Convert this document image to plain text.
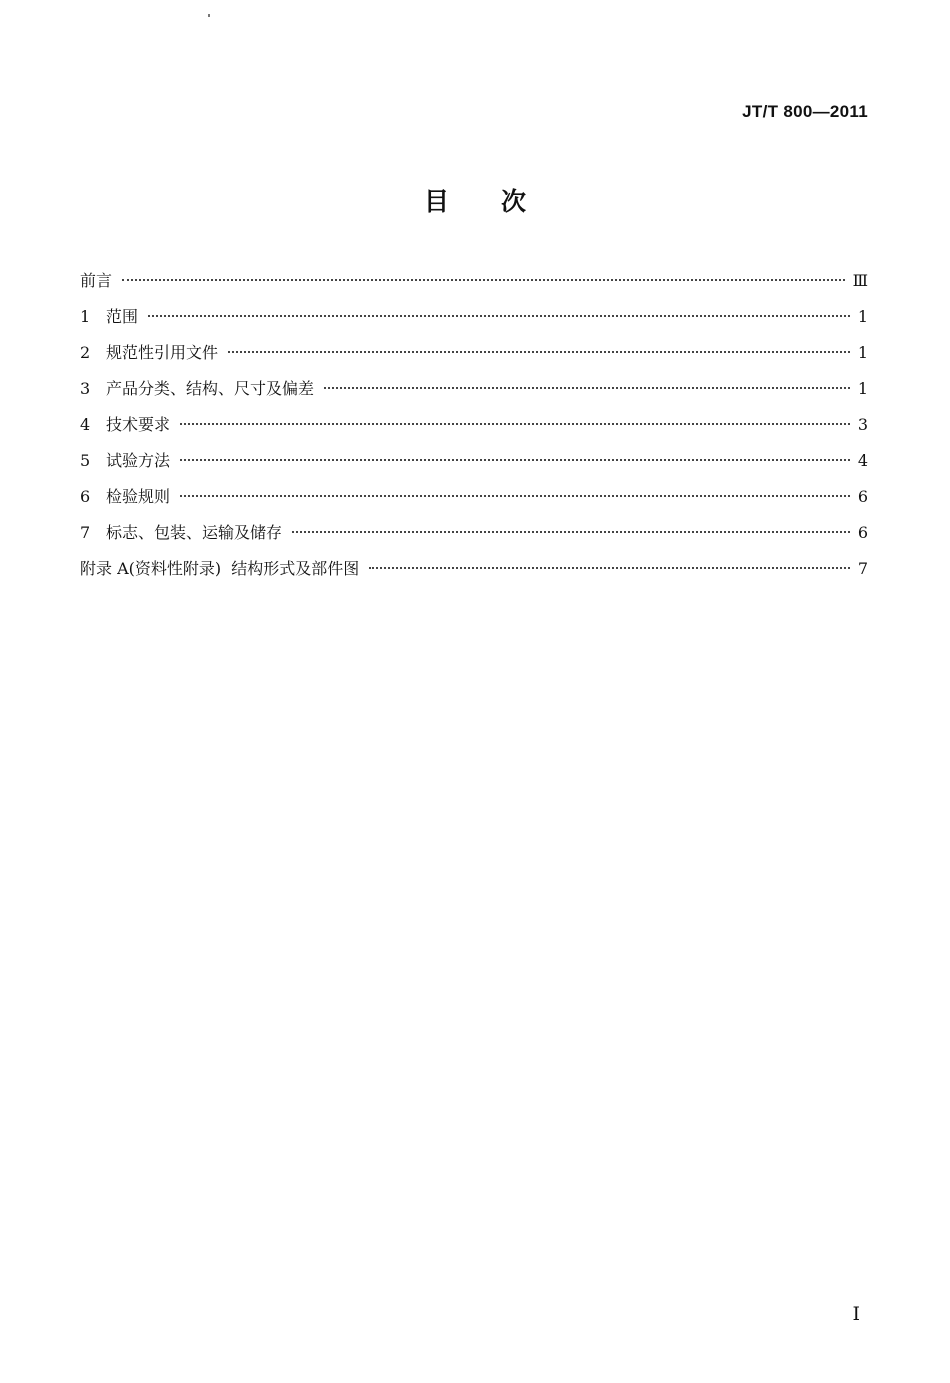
JT/T 800—2011
目次
前言	Ⅲ
1 范围	1
2 规范性引用文件	1
3 产品分类、结构、尺寸及偏差	1
4 技术要求	3
5 试验方法	4
6 检验规则	6
7 标志、包装、运输及储存	6
附录 A(资料性附录)  结构形式及部件图	7
I
